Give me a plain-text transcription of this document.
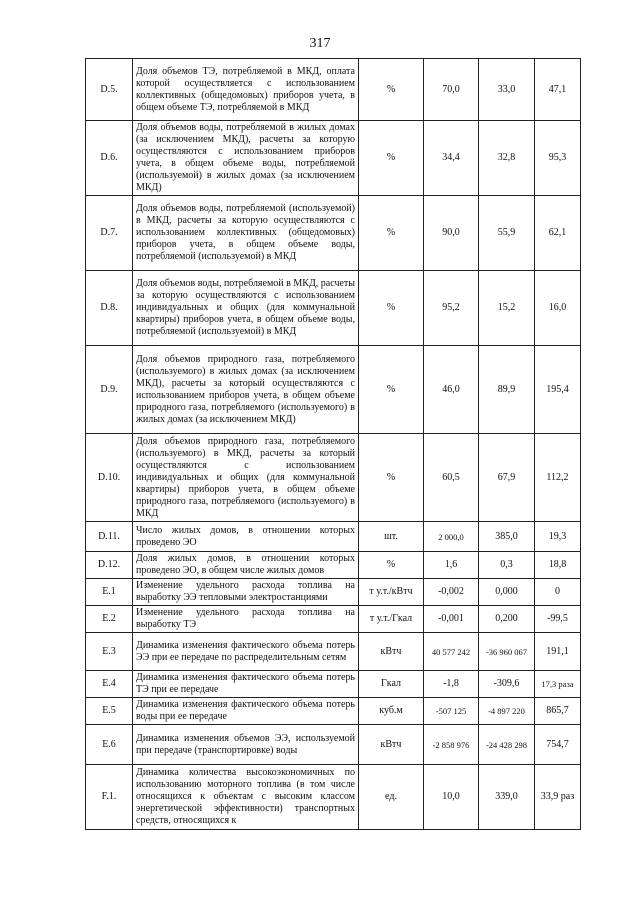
317
D.5.	Доля объемов ТЭ, потребляемой в МКД, оплата которой осуществляется с использованием коллективных (общедомовых) приборов учета, в общем объеме ТЭ, потребляемой в МКД	%	70,0	33,0	47,1
D.6.	Доля объемов воды, потребляемой в жилых домах (за исключением МКД), расчеты за которую осуществляются с использованием приборов учета, в общем объеме воды, потребляемой (используемой) в жилых домах (за исключением МКД)	%	34,4	32,8	95,3
D.7.	Доля объемов воды, потребляемой (используемой) в МКД, расчеты за которую осуществляются с использованием коллективных (общедомовых) приборов учета, в общем объеме воды, потребляемой (используемой) в МКД	%	90,0	55,9	62,1
D.8.	Доля объемов воды, потребляемой в МКД, расчеты за которую осуществляются с использованием индивидуальных и общих (для коммунальной квартиры) приборов учета, в общем объеме воды, потребляемой (используемой) в МКД	%	95,2	15,2	16,0
D.9.	Доля объемов природного газа, потребляемого (используемого) в жилых домах (за исключением МКД), расчеты за который осуществляются с использованием приборов учета, в общем объеме природного газа, потребляемого (используемого) в жилых домах (за исключением МКД)	%	46,0	89,9	195,4
D.10.	Доля объемов природного газа, потребляемого (используемого) в МКД, расчеты за который осуществляются с использованием индивидуальных и общих (для коммунальной квартиры) приборов учета, в общем объеме природного газа, потребляемого (используемого) в МКД	%	60,5	67,9	112,2
D.11.	Число жилых домов, в отношении которых проведено ЭО	шт.	2 000,0	385,0	19,3
D.12.	Доля жилых домов, в отношении которых проведено ЭО, в общем числе жилых домов	%	1,6	0,3	18,8
E.1	Изменение удельного расхода топлива на выработку ЭЭ тепловыми электростанциями	т у.т./кВтч	-0,002	0,000	0
E.2	Изменение удельного расхода топлива на выработку ТЭ	т у.т./Гкал	-0,001	0,200	-99,5
E.3	Динамика изменения фактического объема потерь ЭЭ при ее передаче по распределительным сетям	кВтч	40 577 242	-36 960 067	191,1
E.4	Динамика изменения фактического объема потерь ТЭ при ее передаче	Гкал	-1,8	-309,6	17,3 раза
E.5	Динамика изменения фактического объема потерь воды при ее передаче	куб.м	-507 125	-4 897 220	865,7
E.6	Динамика изменения объемов ЭЭ, используемой при передаче (транспортировке) воды	кВтч	-2 858 976	-24 428 298	754,7
F.1.	Динамика количества высокоэкономичных по использованию моторного топлива (в том числе относящихся к объектам с высоким классом энергетической эффективности) транспортных средств, относящихся к	ед.	10,0	339,0	33,9 раз
